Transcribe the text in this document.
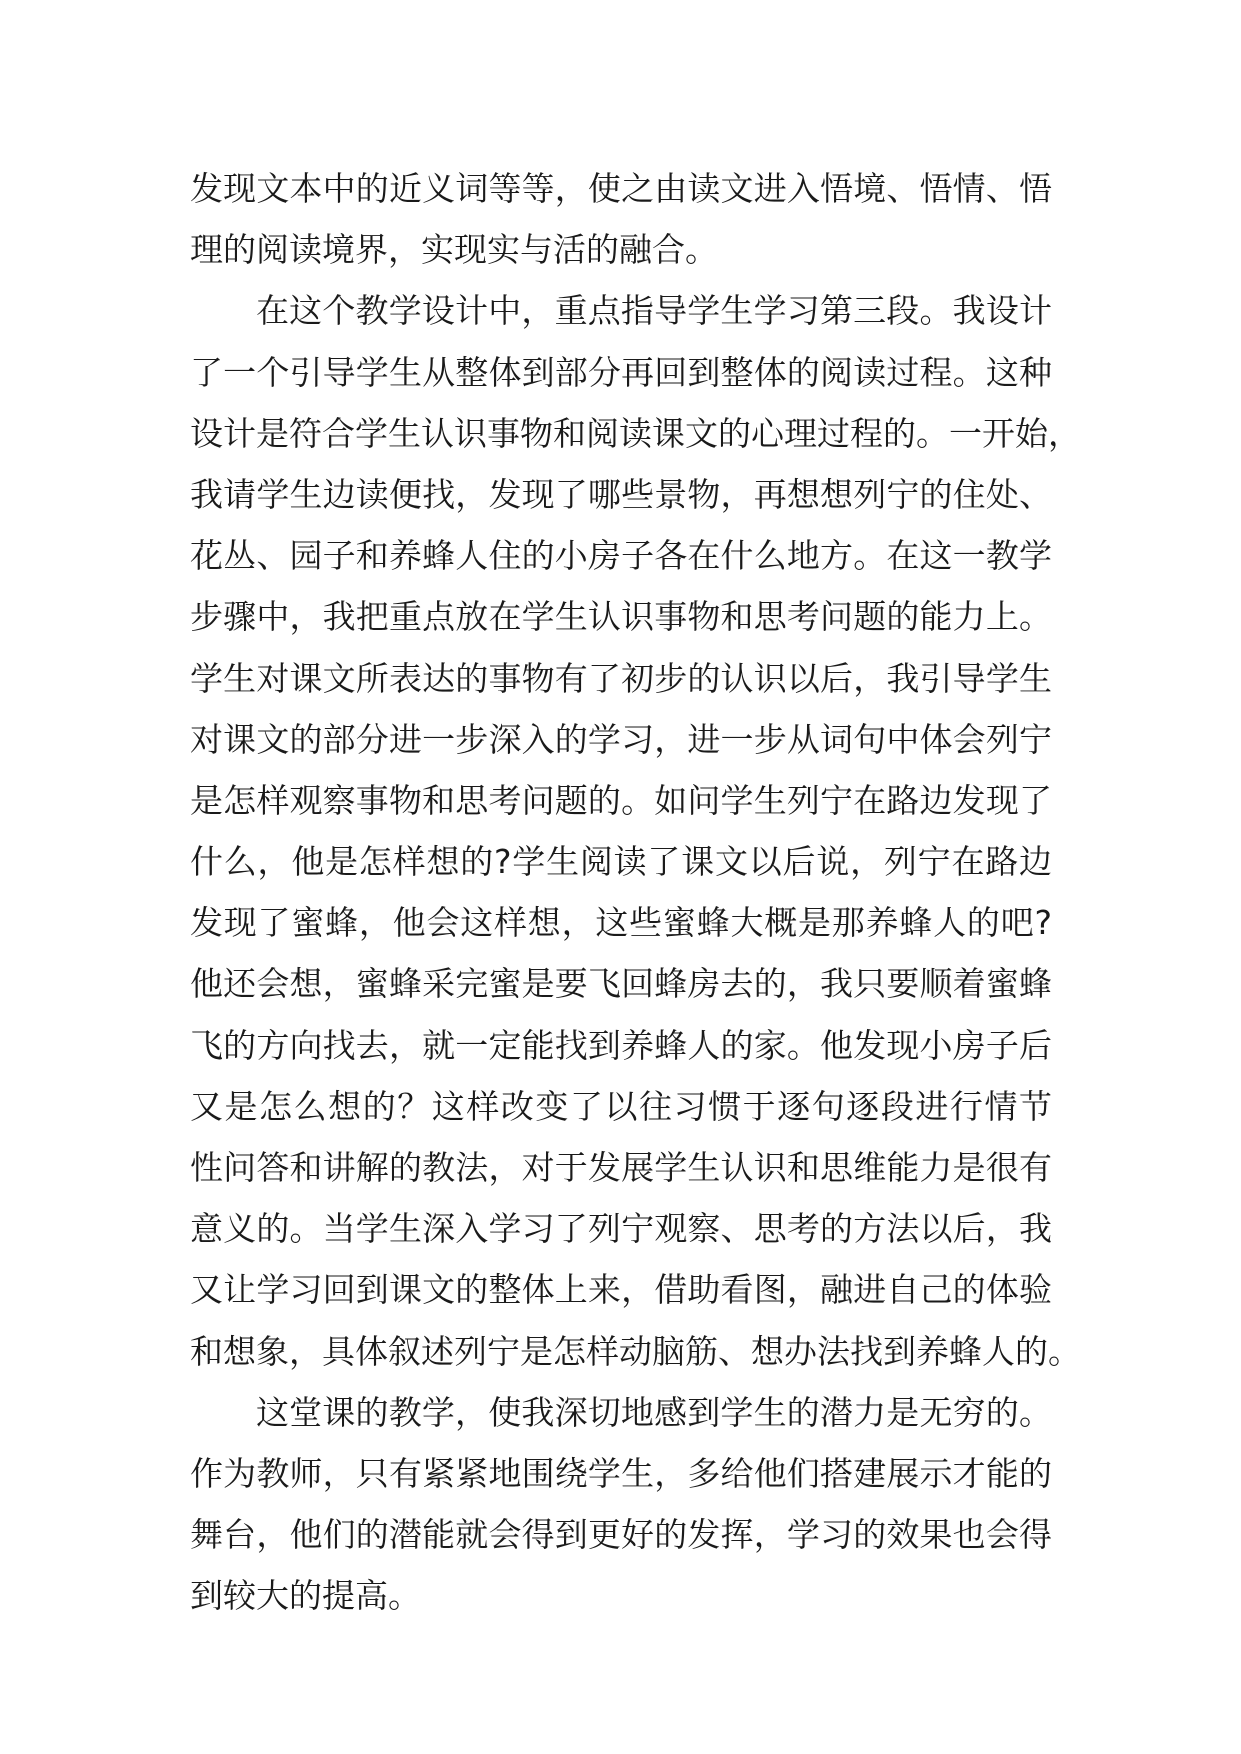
发现文本中的近义词等等，使之由读文进入悟境、悟情、悟
理的阅读境界，实现实与活的融合。
在这个教学设计中，重点指导学生学习第三段。我设计
了一个引导学生从整体到部分再回到整体的阅读过程。这种
设计是符合学生认识事物和阅读课文的心理过程的。一开始，
我请学生边读便找，发现了哪些景物，再想想列宁的住处、
花丛、园子和养蜂人住的小房子各在什么地方。在这一教学
步骤中，我把重点放在学生认识事物和思考问题的能力上。
学生对课文所表达的事物有了初步的认识以后，我引导学生
对课文的部分进一步深入的学习，进一步从词句中体会列宁
是怎样观察事物和思考问题的。如问学生列宁在路边发现了
什么，他是怎样想的?学生阅读了课文以后说，列宁在路边
发现了蜜蜂，他会这样想，这些蜜蜂大概是那养蜂人的吧?
他还会想，蜜蜂采完蜜是要飞回蜂房去的，我只要顺着蜜蜂
飞的方向找去，就一定能找到养蜂人的家。他发现小房子后
又是怎么想的？这样改变了以往习惯于逐句逐段进行情节
性问答和讲解的教法，对于发展学生认识和思维能力是很有
意义的。当学生深入学习了列宁观察、思考的方法以后，我
又让学习回到课文的整体上来，借助看图，融进自己的体验
和想象，具体叙述列宁是怎样动脑筋、想办法找到养蜂人的。
这堂课的教学，使我深切地感到学生的潜力是无穷的。
作为教师，只有紧紧地围绕学生，多给他们搭建展示才能的
舞台，他们的潜能就会得到更好的发挥，学习的效果也会得
到较大的提高。
